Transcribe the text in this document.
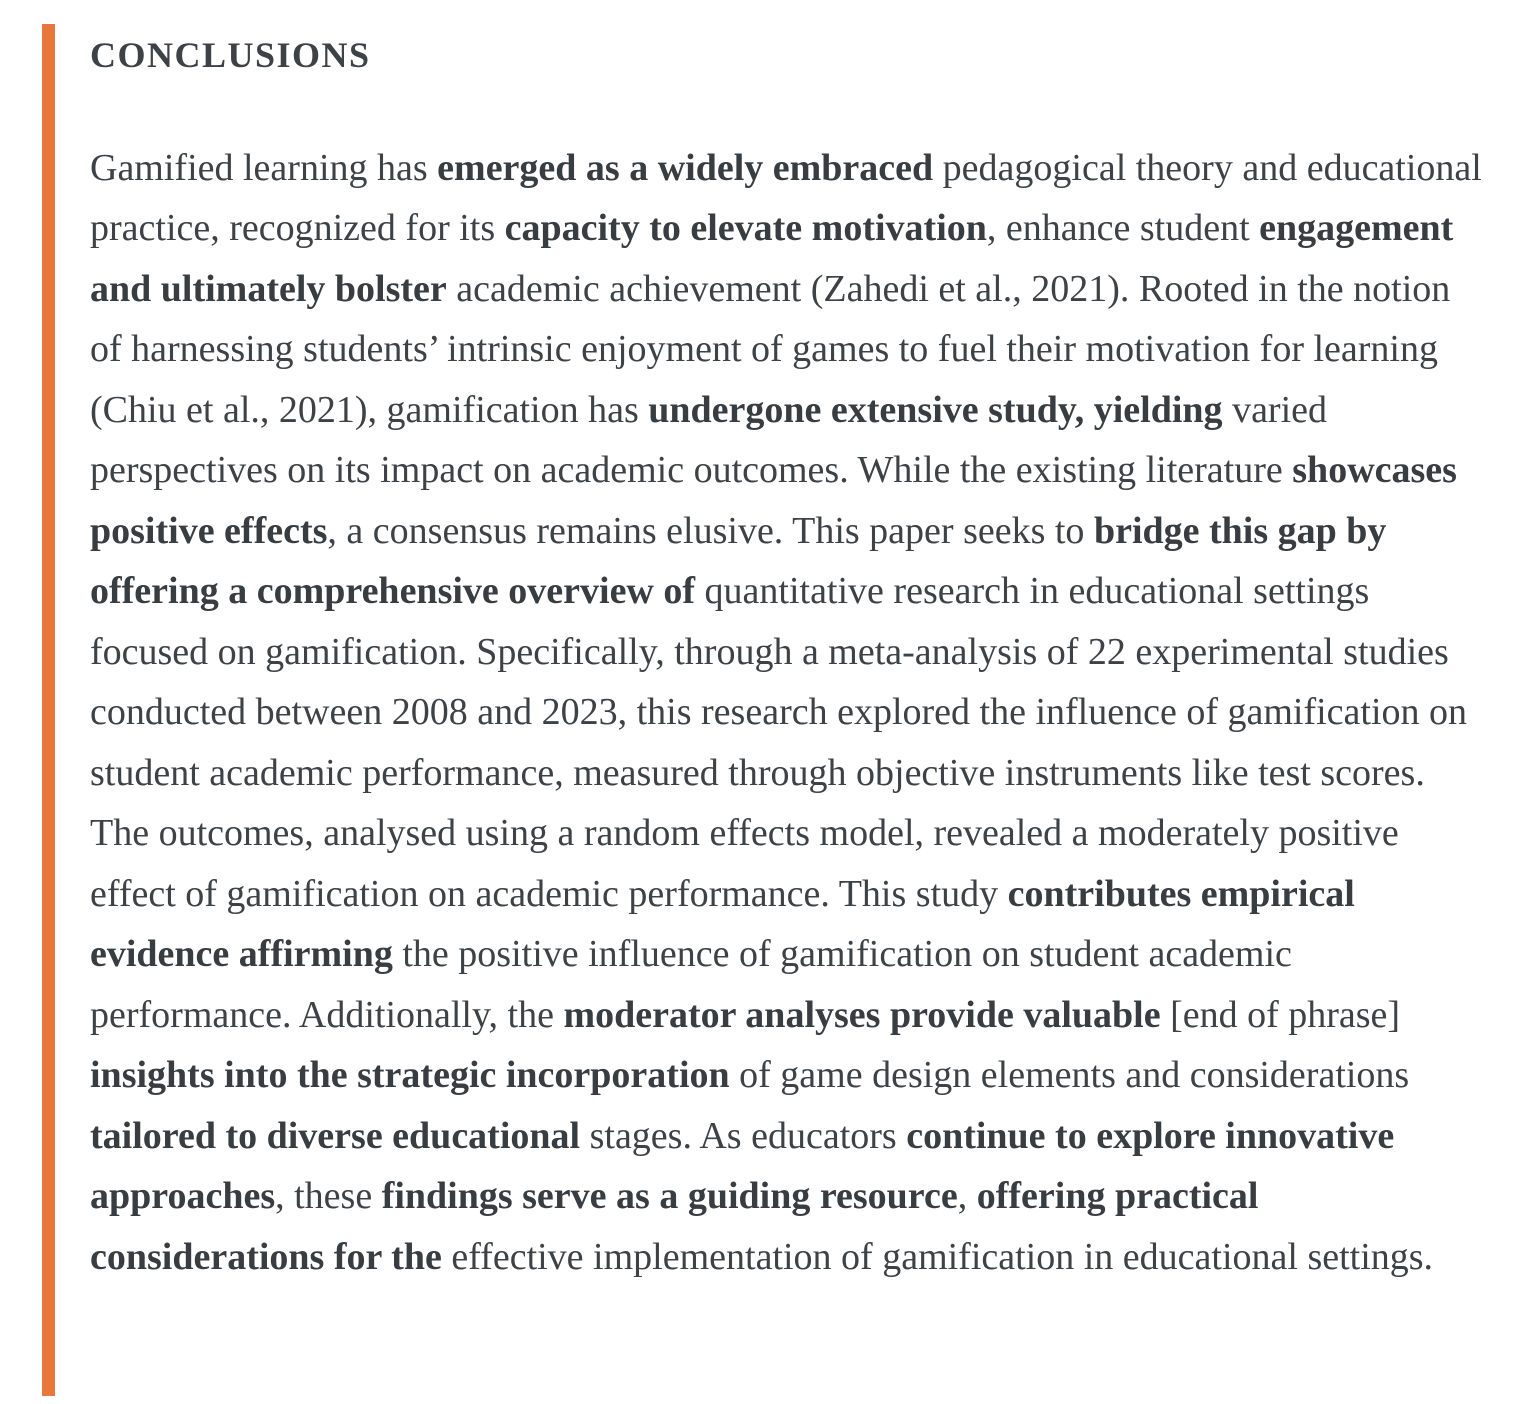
CONCLUSIONS

Gamified learning has emerged as a widely embraced pedagogical theory and educational practice, recognized for its capacity to elevate motivation, enhance student engagement and ultimately bolster academic achievement (Zahedi et al., 2021). Rooted in the notion of harnessing students’ intrinsic enjoyment of games to fuel their motivation for learning (Chiu et al., 2021), gamification has undergone extensive study, yielding varied perspectives on its impact on academic outcomes. While the existing literature showcases positive effects, a consensus remains elusive. This paper seeks to bridge this gap by offering a comprehensive overview of quantitative research in educational settings focused on gamification. Specifically, through a meta-analysis of 22 experimental studies conducted between 2008 and 2023, this research explored the influence of gamification on student academic performance, measured through objective instruments like test scores. The outcomes, analysed using a random effects model, revealed a moderately positive effect of gamification on academic performance. This study contributes empirical evidence affirming the positive influence of gamification on student academic performance. Additionally, the moderator analyses provide valuable [end of phrase] insights into the strategic incorporation of game design elements and considerations tailored to diverse educational stages. As educators continue to explore innovative approaches, these findings serve as a guiding resource, offering practical considerations for the effective implementation of gamification in educational settings.
